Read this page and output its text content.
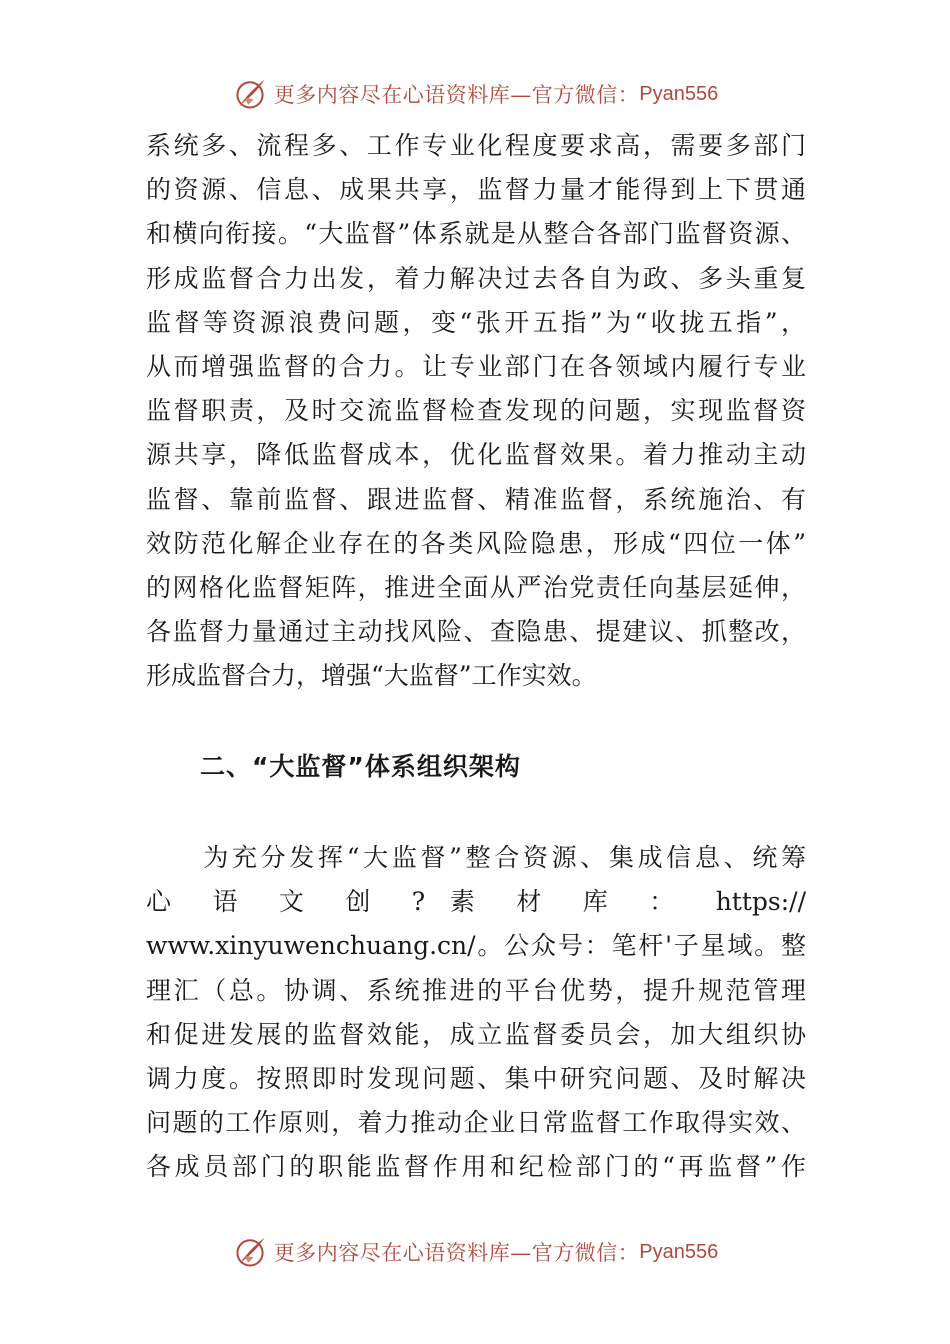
更多内容尽在心语资料库—官方微信： Pyan556
系统多、流程多、工作专业化程度要求高，需要多部门
的资源、信息、成果共享，监督力量才能得到上下贯通
和横向衔接。“大监督”体系就是从整合各部门监督资源、
形成监督合力出发，着力解决过去各自为政、多头重复
监督等资源浪费问题，变“张开五指”为“收拢五指”，
从而增强监督的合力。让专业部门在各领域内履行专业
监督职责，及时交流监督检查发现的问题，实现监督资
源共享，降低监督成本，优化监督效果。着力推动主动
监督、靠前监督、跟进监督、精准监督，系统施治、有
效防范化解企业存在的各类风险隐患，形成“四位一体”
的网格化监督矩阵，推进全面从严治党责任向基层延伸，
各监督力量通过主动找风险、查隐患、提建议、抓整改，
形成监督合力，增强“大监督”工作实效。
二、“大监督”体系组织架构
　　为充分发挥“大监督”整合资源、集成信息、统筹
心 语 文 创 ? 素 材 库 ： https://
www.xinyuwenchuang.cn/。公众号：笔杆'子星域。整
理汇（总。协调、系统推进的平台优势，提升规范管理
和促进发展的监督效能，成立监督委员会，加大组织协
调力度。按照即时发现问题、集中研究问题、及时解决
问题的工作原则，着力推动企业日常监督工作取得实效、
各成员部门的职能监督作用和纪检部门的“再监督”作
更多内容尽在心语资料库—官方微信： Pyan556
